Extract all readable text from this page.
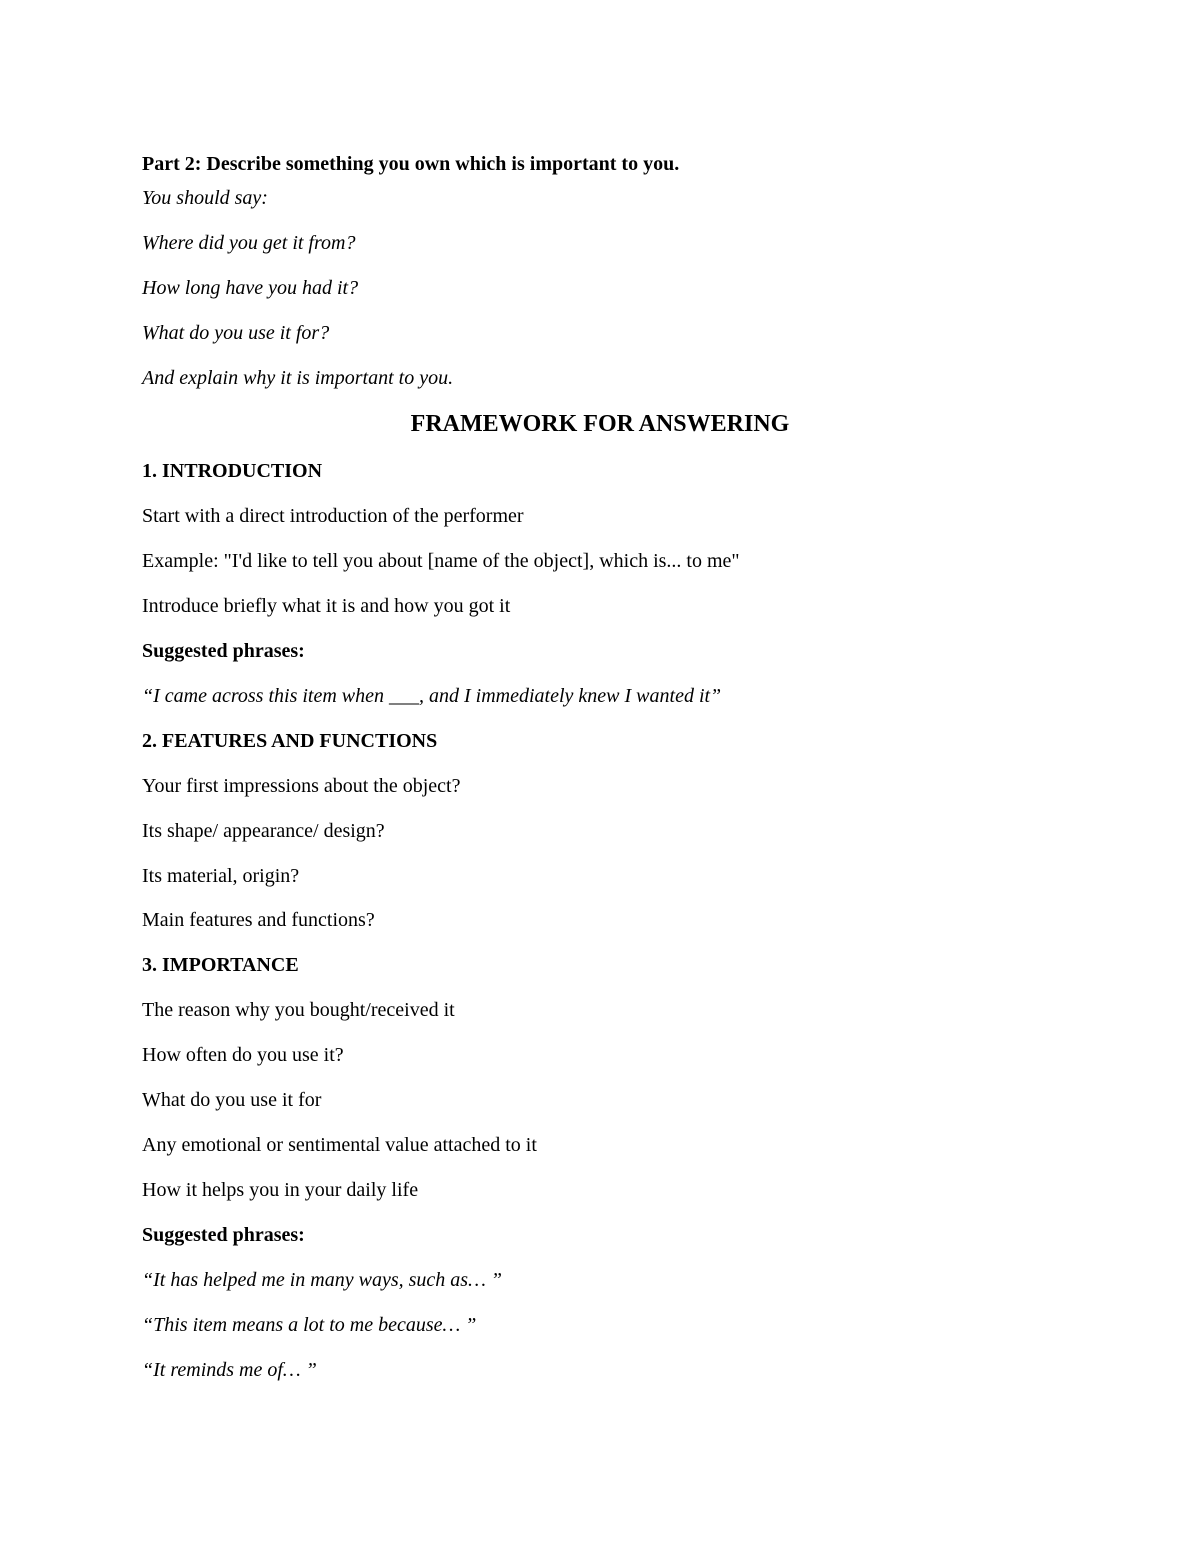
Part 2: Describe something you own which is important to you.
You should say:
Where did you get it from?
How long have you had it?
What do you use it for?
And explain why it is important to you.
FRAMEWORK FOR ANSWERING
1. INTRODUCTION
Start with a direct introduction of the performer
Example: "I'd like to tell you about [name of the object], which is... to me"
Introduce briefly what it is and how you got it
Suggested phrases:
“I came across this item when ___, and I immediately knew I wanted it”
2. FEATURES AND FUNCTIONS
Your first impressions about the object?
Its shape/ appearance/ design?
Its material, origin?
Main features and functions?
3. IMPORTANCE
The reason why you bought/received it
How often do you use it?
What do you use it for
Any emotional or sentimental value attached to it
How it helps you in your daily life
Suggested phrases:
“It has helped me in many ways, such as… ”
“This item means a lot to me because… ”
“It reminds me of… ”
